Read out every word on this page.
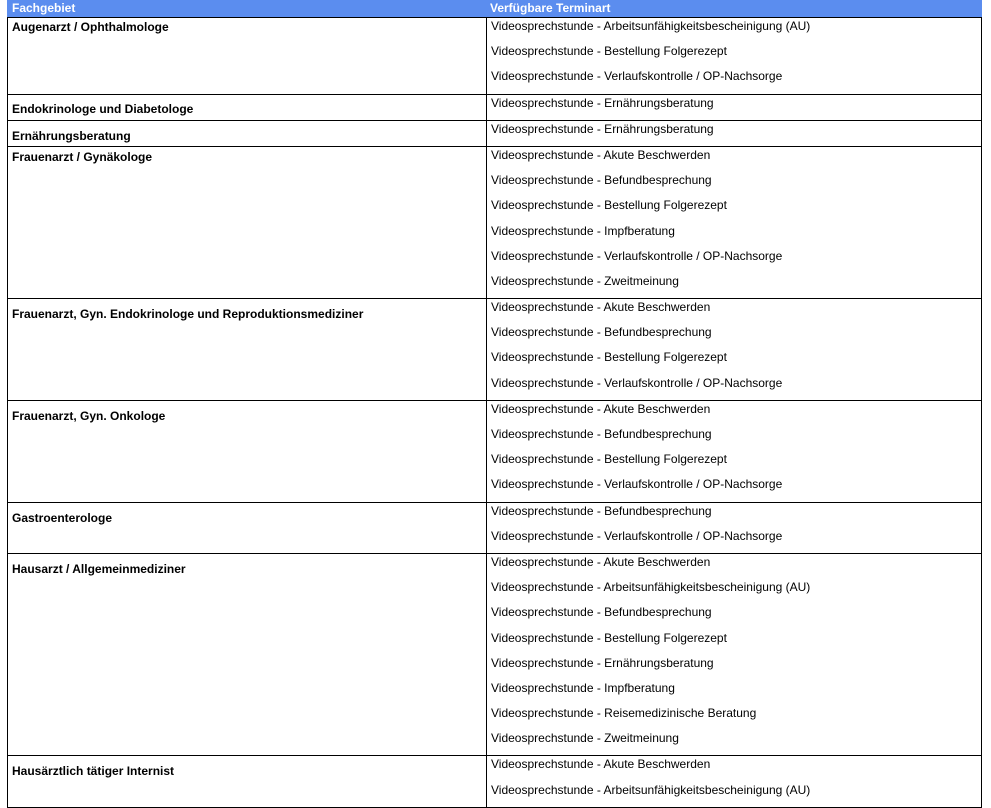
Fachgebiet	Verfügbare Terminart
Augenarzt / Ophthalmologe	Videosprechstunde - Arbeitsunfähigkeitsbescheinigung (AU)
Videosprechstunde - Bestellung Folgerezept
Videosprechstunde - Verlaufskontrolle / OP-Nachsorge
Endokrinologe und Diabetologe	Videosprechstunde - Ernährungsberatung
Ernährungsberatung	Videosprechstunde - Ernährungsberatung
Frauenarzt / Gynäkologe	Videosprechstunde - Akute Beschwerden
Videosprechstunde - Befundbesprechung
Videosprechstunde - Bestellung Folgerezept
Videosprechstunde - Impfberatung
Videosprechstunde - Verlaufskontrolle / OP-Nachsorge
Videosprechstunde - Zweitmeinung
Frauenarzt, Gyn. Endokrinologe und Reproduktionsmediziner	Videosprechstunde - Akute Beschwerden
Videosprechstunde - Befundbesprechung
Videosprechstunde - Bestellung Folgerezept
Videosprechstunde - Verlaufskontrolle / OP-Nachsorge
Frauenarzt, Gyn. Onkologe	Videosprechstunde - Akute Beschwerden
Videosprechstunde - Befundbesprechung
Videosprechstunde - Bestellung Folgerezept
Videosprechstunde - Verlaufskontrolle / OP-Nachsorge
Gastroenterologe	Videosprechstunde - Befundbesprechung
Videosprechstunde - Verlaufskontrolle / OP-Nachsorge
Hausarzt / Allgemeinmediziner	Videosprechstunde - Akute Beschwerden
Videosprechstunde - Arbeitsunfähigkeitsbescheinigung (AU)
Videosprechstunde - Befundbesprechung
Videosprechstunde - Bestellung Folgerezept
Videosprechstunde - Ernährungsberatung
Videosprechstunde - Impfberatung
Videosprechstunde - Reisemedizinische Beratung
Videosprechstunde - Zweitmeinung
Hausärztlich tätiger Internist	Videosprechstunde - Akute Beschwerden
Videosprechstunde - Arbeitsunfähigkeitsbescheinigung (AU)
